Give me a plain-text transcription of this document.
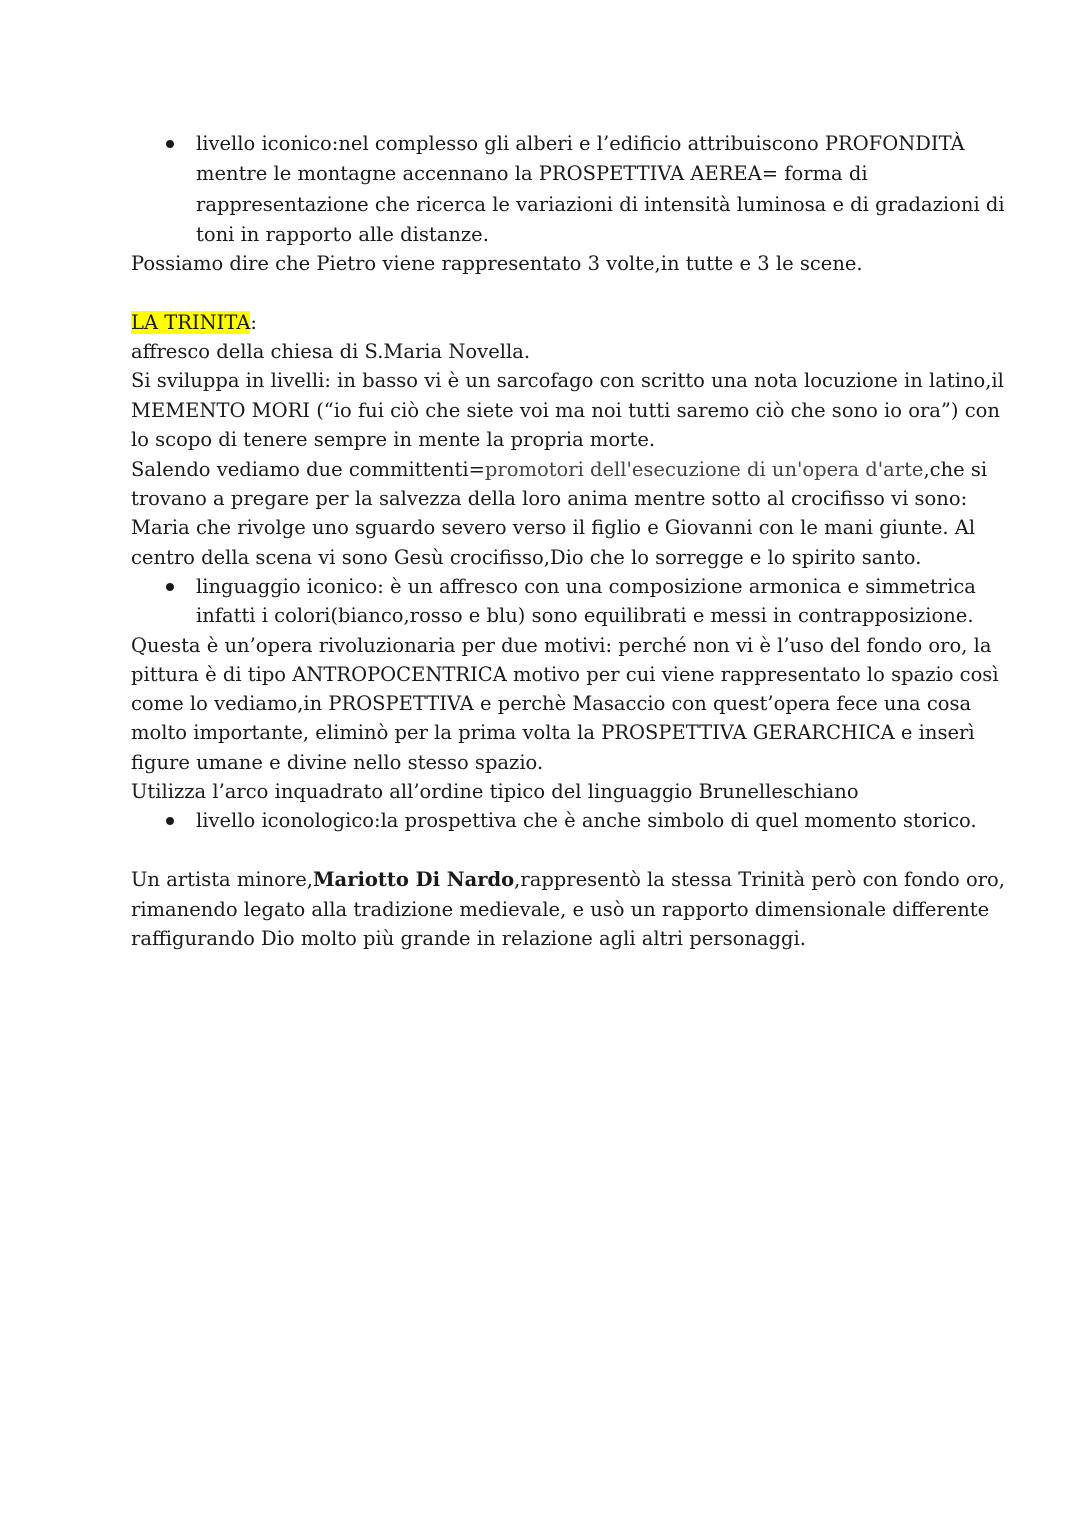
livello iconico:nel complesso gli alberi e l’edificio attribuiscono PROFONDITÀ
mentre le montagne accennano la PROSPETTIVA AEREA= forma di
rappresentazione che ricerca le variazioni di intensità luminosa e di gradazioni di
toni in rapporto alle distanze.
Possiamo dire che Pietro viene rappresentato 3 volte,in tutte e 3 le scene.
LA TRINITA:
affresco della chiesa di S.Maria Novella.
Si sviluppa in livelli: in basso vi è un sarcofago con scritto una nota locuzione in latino,il
MEMENTO MORI (“io fui ciò che siete voi ma noi tutti saremo ciò che sono io ora”) con
lo scopo di tenere sempre in mente la propria morte.
Salendo vediamo due committenti=promotori dell'esecuzione di un'opera d'arte,che si
trovano a pregare per la salvezza della loro anima mentre sotto al crocifisso vi sono:
Maria che rivolge uno sguardo severo verso il figlio e Giovanni con le mani giunte. Al
centro della scena vi sono Gesù crocifisso,Dio che lo sorregge e lo spirito santo.
linguaggio iconico: è un affresco con una composizione armonica e simmetrica
infatti i colori(bianco,rosso e blu) sono equilibrati e messi in contrapposizione.
Questa è un’opera rivoluzionaria per due motivi: perché non vi è l’uso del fondo oro, la
pittura è di tipo ANTROPOCENTRICA motivo per cui viene rappresentato lo spazio così
come lo vediamo,in PROSPETTIVA e perchè Masaccio con quest’opera fece una cosa
molto importante, eliminò per la prima volta la PROSPETTIVA GERARCHICA e inserì
figure umane e divine nello stesso spazio.
Utilizza l’arco inquadrato all’ordine tipico del linguaggio Brunelleschiano
livello iconologico:la prospettiva che è anche simbolo di quel momento storico.
Un artista minore,Mariotto Di Nardo,rappresentò la stessa Trinità però con fondo oro,
rimanendo legato alla tradizione medievale, e usò un rapporto dimensionale differente
raffigurando Dio molto più grande in relazione agli altri personaggi.
